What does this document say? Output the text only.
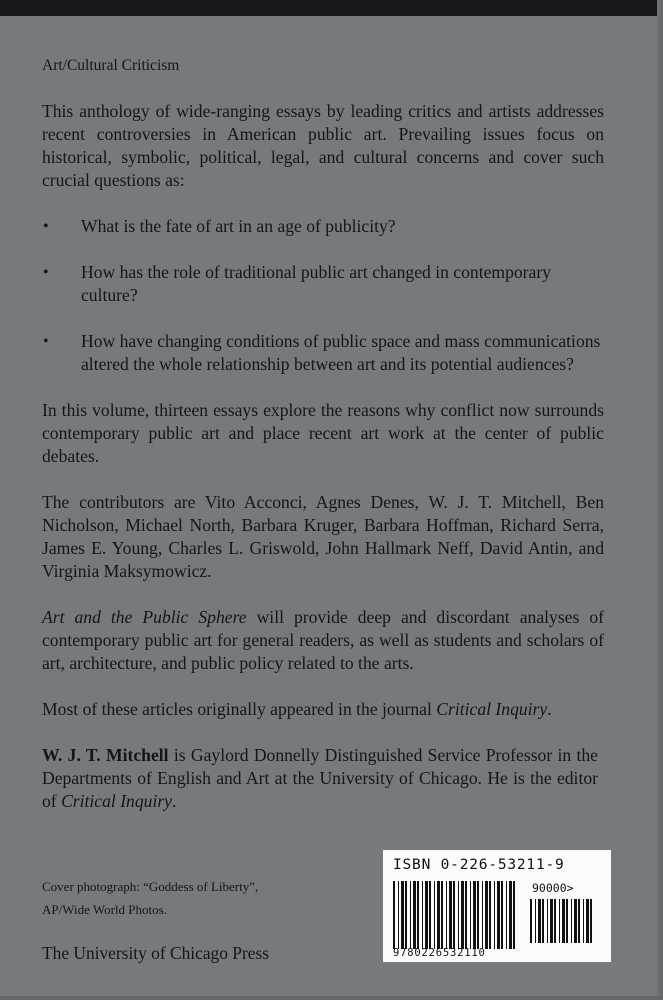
Art/Cultural Criticism

This anthology of wide-ranging essays by leading critics and artists addresses recent controversies in American public art. Prevailing issues focus on historical, symbolic, political, legal, and cultural concerns and cover such crucial questions as:

• What is the fate of art in an age of publicity?
• How has the role of traditional public art changed in contemporary culture?
• How have changing conditions of public space and mass communications altered the whole relationship between art and its potential audiences?

In this volume, thirteen essays explore the reasons why conflict now surrounds contemporary public art and place recent art work at the center of public debates.

The contributors are Vito Acconci, Agnes Denes, W. J. T. Mitchell, Ben Nicholson, Michael North, Barbara Kruger, Barbara Hoffman, Richard Serra, James E. Young, Charles L. Griswold, John Hallmark Neff, David Antin, and Virginia Maksymowicz.

Art and the Public Sphere will provide deep and discordant analyses of contemporary public art for general readers, as well as students and scholars of art, architecture, and public policy related to the arts.

Most of these articles originally appeared in the journal Critical Inquiry.

W. J. T. Mitchell is Gaylord Donnelly Distinguished Service Professor in the Departments of English and Art at the University of Chicago. He is the editor of Critical Inquiry.

Cover photograph: “Goddess of Liberty”,
AP/Wide World Photos.
The University of Chicago Press
ISBN 0-226-53211-9
90000>
9780226532110
